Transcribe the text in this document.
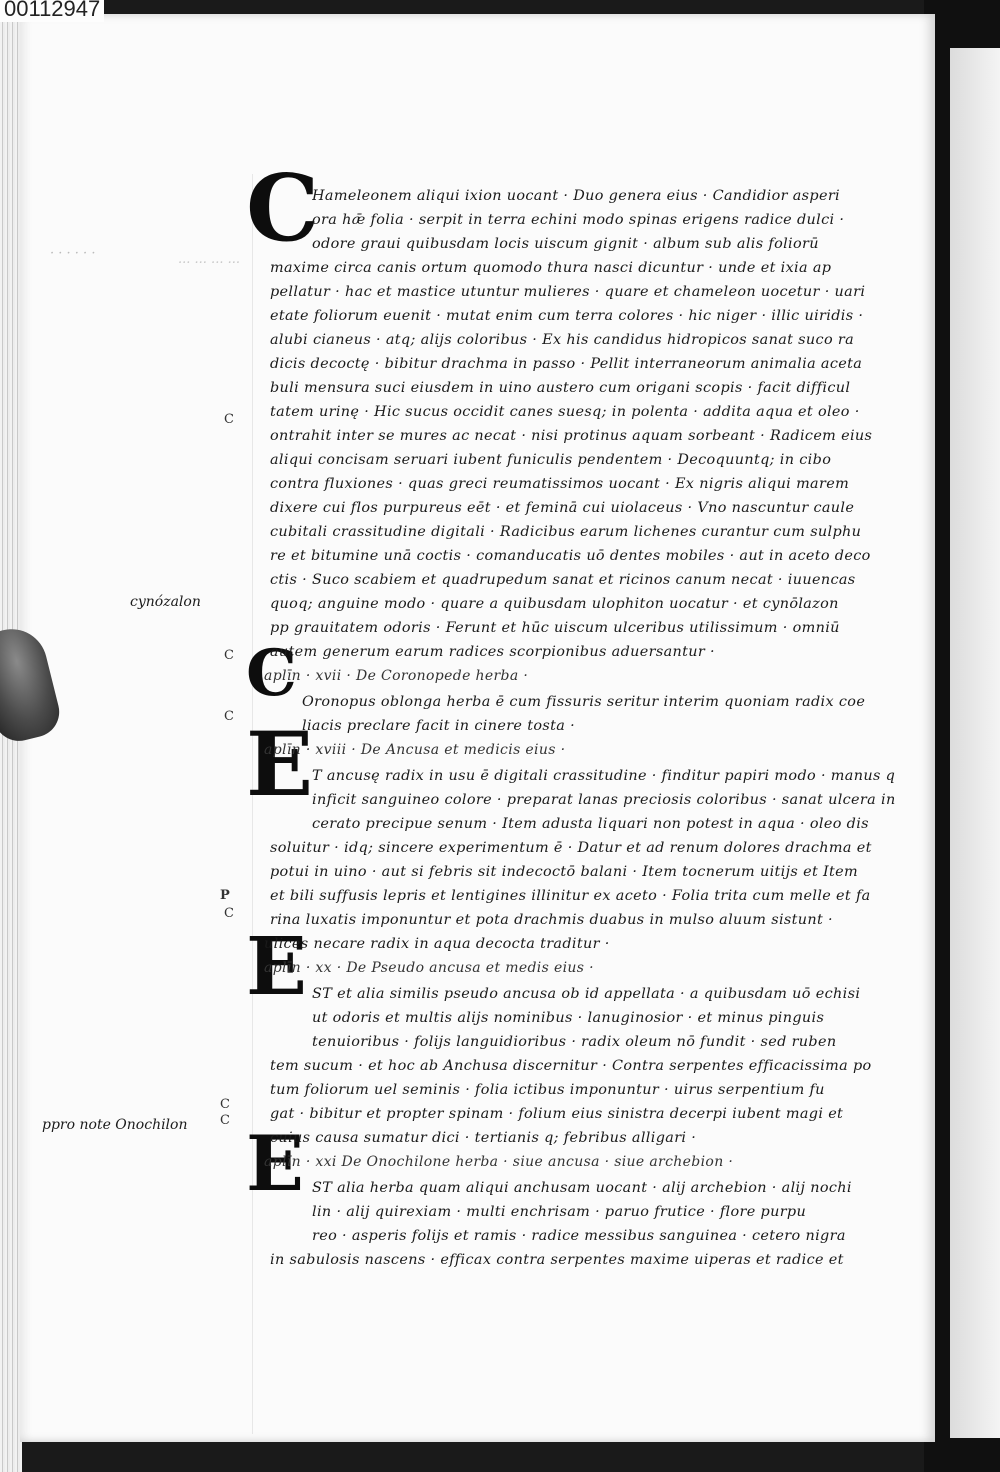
00112947

· · · · · ·	... ... ... ...

cynózalon

ppro note Onochilon

C

C

C

C

P

C

C

C

C

E

E

E

Hameleonem aliqui ixion uocant · Duo genera eius · Candidior asperi

ora hǣ folia · serpit in terra echini modo spinas erigens radice dulci ·

odore graui quibusdam locis uiscum gignit · album sub alis foliorū

maxime circa canis ortum quomodo thura nasci dicuntur · unde et ixia ap

pellatur · hac et mastice utuntur mulieres · quare et chameleon uocetur · uari

etate foliorum euenit · mutat enim cum terra colores · hic niger · illic uiridis ·

alubi cianeus · atq; alijs coloribus · Ex his candidus hidropicos sanat suco ra

dicis decoctę · bibitur drachma in passo · Pellit interraneorum animalia aceta

buli mensura suci eiusdem in uino austero cum origani scopis · facit difficul

tatem urinę · Hic sucus occidit canes suesq; in polenta · addita aqua et oleo ·

ontrahit inter se mures ac necat · nisi protinus aquam sorbeant · Radicem eius

aliqui concisam seruari iubent funiculis pendentem · Decoquuntq; in cibo

contra fluxiones · quas greci reumatissimos uocant · Ex nigris aliqui marem

dixere cui flos purpureus eēt · et feminā cui uiolaceus · Vno nascuntur caule

cubitali crassitudine digitali · Radicibus earum lichenes curantur cum sulphu

re et bitumine unā coctis · comanducatis uō dentes mobiles · aut in aceto deco

ctis · Suco scabiem et quadrupedum sanat et ricinos canum necat · iuuencas

quoq; anguine modo · quare a quibusdam ulophiton uocatur · et cynōlazon

pp grauitatem odoris · Ferunt et hūc uiscum ulceribus utilissimum · omniū

autem generum earum radices scorpionibus aduersantur ·

aplīn · xvii · De Coronopede herba ·

Oronopus oblonga herba ē cum fissuris seritur interim quoniam radix coe

liacis preclare facit in cinere tosta ·

aplīn · xviii · De Ancusa et medicis eius ·

T ancusę radix in usu ē digitali crassitudine · finditur papiri modo · manus q

inficit sanguineo colore · preparat lanas preciosis coloribus · sanat ulcera in

cerato precipue senum · Item adusta liquari non potest in aqua · oleo dis

soluitur · idq; sincere experimentum ē · Datur et ad renum dolores drachma et

potui in uino · aut si febris sit indecoctō balani · Item tocnerum uitijs et Item

et bili suffusis lepris et lentigines illinitur ex aceto · Folia trita cum melle et fa

rina luxatis imponuntur et pota drachmis duabus in mulso aluum sistunt ·

ulices necare radix in aqua decocta traditur ·

aplīn · xx · De Pseudo ancusa et medis eius ·

ST et alia similis pseudo ancusa ob id appellata · a quibusdam uō echisi

ut odoris et multis alijs nominibus · lanuginosior · et minus pinguis

tenuioribus · folijs languidioribus · radix oleum nō fundit · sed ruben

tem sucum · et hoc ab Anchusa discernitur · Contra serpentes efficacissima po

tum foliorum uel seminis · folia ictibus imponuntur · uirus serpentium fu

gat · bibitur et propter spinam · folium eius sinistra decerpi iubent magi et

cuius causa sumatur dici · tertianis q; febribus alligari ·

aplīn · xxi De Onochilone herba · siue ancusa · siue archebion ·

ST alia herba quam aliqui anchusam uocant · alij archebion · alij nochi

lin · alij quirexiam · multi enchrisam · paruo frutice · flore purpu

reo · asperis folijs et ramis · radice messibus sanguinea · cetero nigra

in sabulosis nascens · efficax contra serpentes maxime uiperas et radice et
